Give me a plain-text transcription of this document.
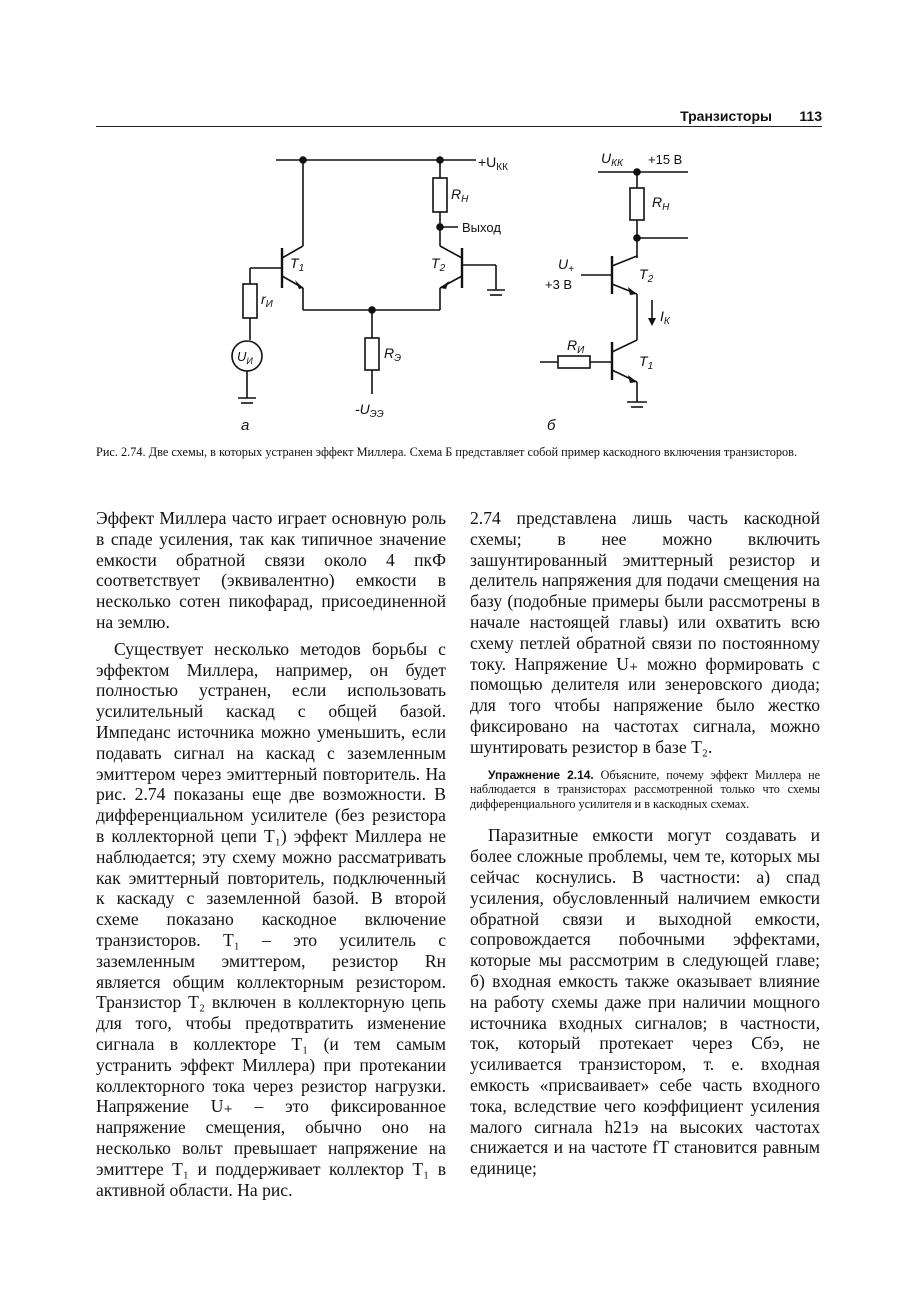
Транзисторы 113
$+U_{КК}$
$R_Н$
Выход
$T_1$	$T_2$
$r_И$
$U_И$	$R_Э$
$-U_{ЭЭ}$
а
$U_{КК} +15$ В
$R_Н$
$T_2$
$U_+$
+3 В
$I_К$
$R_И$
$T_1$
б
Рис. 2.74. Две схемы, в которых устранен эффект Миллера. Схема Б представляет собой пример каскодного включения транзисторов.

Эффект Миллера часто играет основную роль в спаде усиления, так как типичное значение емкости обратной связи около 4 пкФ соответствует (эквивалентно) емкости в несколько сотен пикофарад, присоединенной на землю.

Существует несколько методов борьбы с эффектом Миллера, например, он будет полностью устранен, если использовать усилительный каскад с общей базой. Импеданс источника можно уменьшить, если подавать сигнал на каскад с заземленным эмиттером через эмиттерный повторитель. На рис. 2.74 показаны еще две возможности. В дифференциальном усилителе (без резистора в коллекторной цепи T₁) эффект Миллера не наблюдается; эту схему можно рассматривать как эмиттерный повторитель, подключенный к каскаду с заземленной базой. В второй схеме показано каскодное включение транзисторов. T₁ – это усилитель с заземленным эмиттером, резистор Rн является общим коллекторным резистором. Транзистор T₂ включен в коллекторную цепь для того, чтобы предотвратить изменение сигнала в коллекторе T₁ (и тем самым устранить эффект Миллера) при протекании коллекторного тока через резистор нагрузки. Напряжение U₊ – это фиксированное напряжение смещения, обычно оно на несколько вольт превышает напряжение на эмиттере T₁ и поддерживает коллектор T₁ в активной области. На рис.

2.74 представлена лишь часть каскодной схемы; в нее можно включить зашунтированный эмиттерный резистор и делитель напряжения для подачи смещения на базу (подобные примеры были рассмотрены в начале настоящей главы) или охватить всю схему петлей обратной связи по постоянному току. Напряжение U₊ можно формировать с помощью делителя или зенеровского диода; для того чтобы напряжение было жестко фиксировано на частотах сигнала, можно шунтировать резистор в базе T₂.

Упражнение 2.14. Объясните, почему эффект Миллера не наблюдается в транзисторах рассмотренной только что схемы дифференциального усилителя и в каскодных схемах.

Паразитные емкости могут создавать и более сложные проблемы, чем те, которых мы сейчас коснулись. В частности: а) спад усиления, обусловленный наличием емкости обратной связи и выходной емкости, сопровождается побочными эффектами, которые мы рассмотрим в следующей главе; б) входная емкость также оказывает влияние на работу схемы даже при наличии мощного источника входных сигналов; в частности, ток, который протекает через Cбэ, не усиливается транзистором, т. е. входная емкость «присваивает» себе часть входного тока, вследствие чего коэффициент усиления малого сигнала h21э на высоких частотах снижается и на частоте fT становится равным единице;
